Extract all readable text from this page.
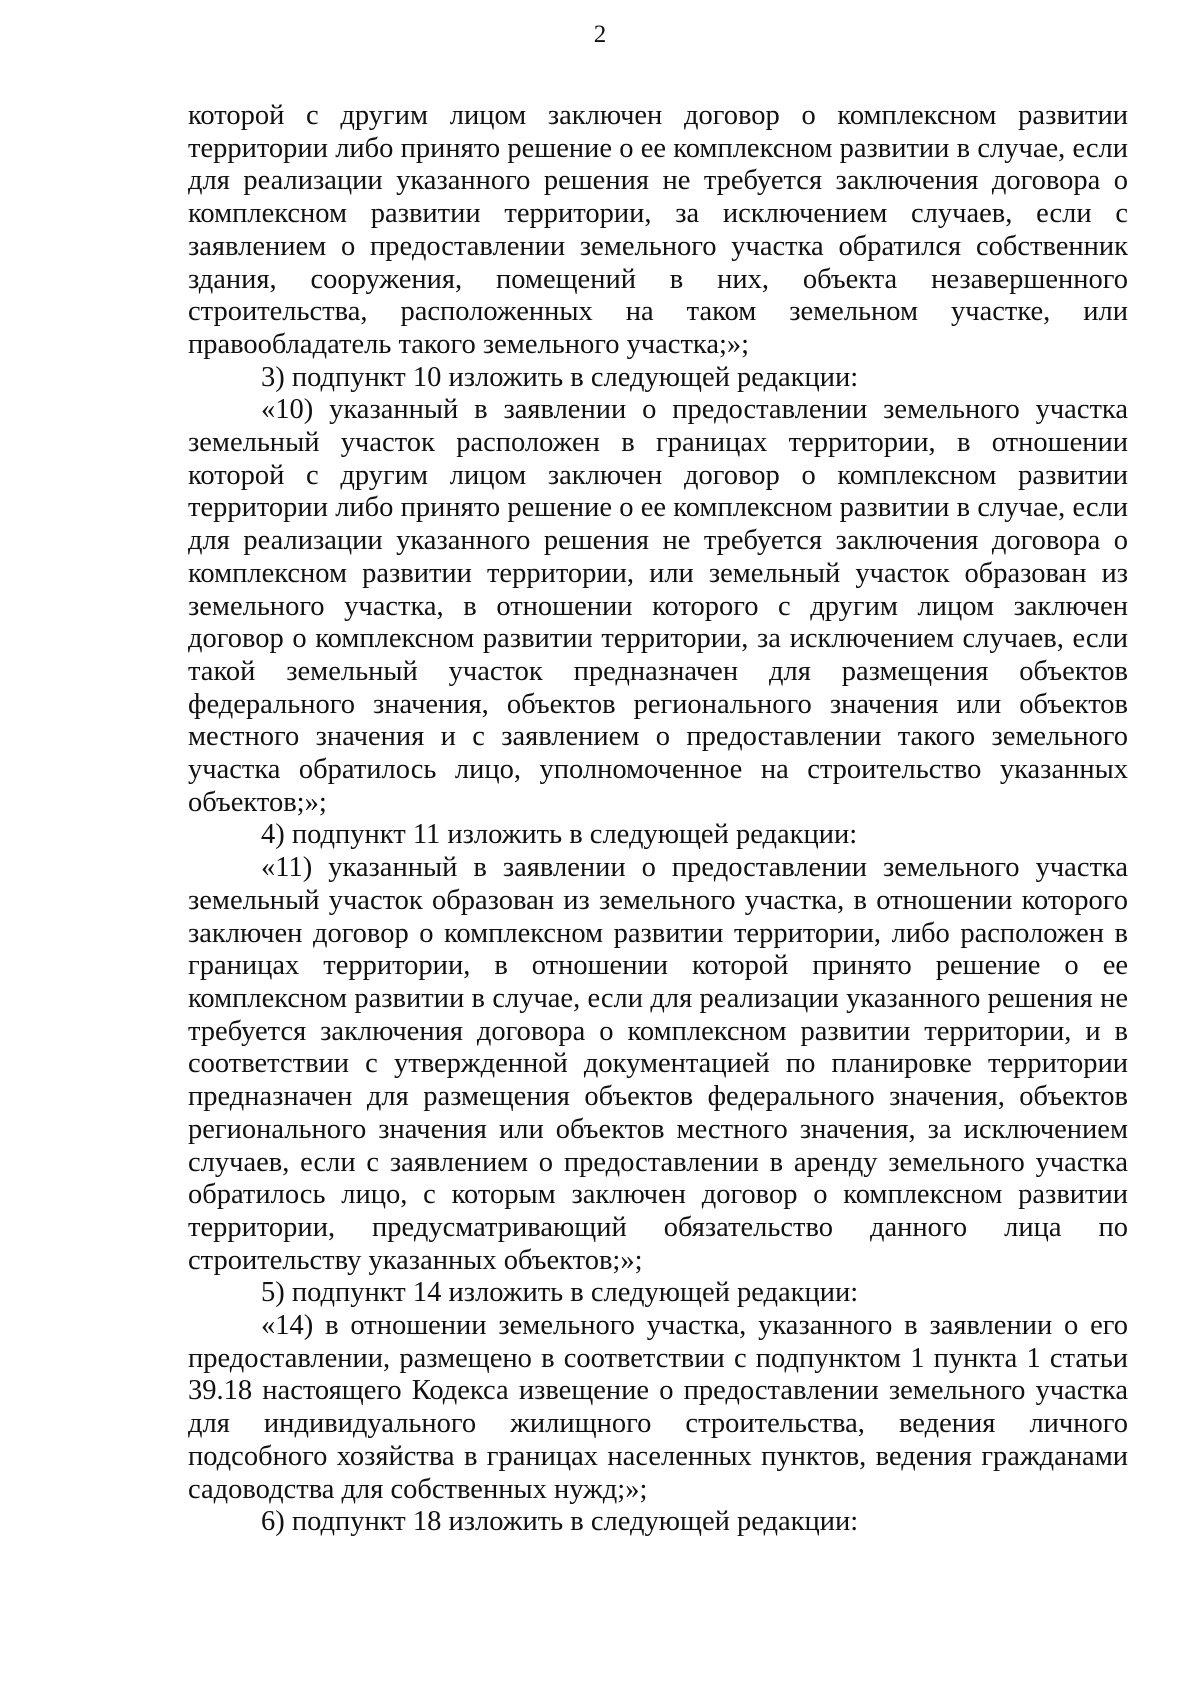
2

которой с другим лицом заключен договор о комплексном развитии территории либо принято решение о ее комплексном развитии в случае, если для реализации указанного решения не требуется заключения договора о комплексном развитии территории, за исключением случаев, если с заявлением о предоставлении земельного участка обратился собственник здания, сооружения, помещений в них, объекта незавершенного строительства, расположенных на таком земельном участке, или правообладатель такого земельного участка;»;

3) подпункт 10 изложить в следующей редакции:

«10) указанный в заявлении о предоставлении земельного участка земельный участок расположен в границах территории, в отношении которой с другим лицом заключен договор о комплексном развитии территории либо принято решение о ее комплексном развитии в случае, если для реализации указанного решения не требуется заключения договора о комплексном развитии территории, или земельный участок образован из земельного участка, в отношении которого с другим лицом заключен договор о комплексном развитии территории, за исключением случаев, если такой земельный участок предназначен для размещения объектов федерального значения, объектов регионального значения или объектов местного значения и с заявлением о предоставлении такого земельного участка обратилось лицо, уполномоченное на строительство указанных объектов;»;

4) подпункт 11 изложить в следующей редакции:

«11) указанный в заявлении о предоставлении земельного участка земельный участок образован из земельного участка, в отношении которого заключен договор о комплексном развитии территории, либо расположен в границах территории, в отношении которой принято решение о ее комплексном развитии в случае, если для реализации указанного решения не требуется заключения договора о комплексном развитии территории, и в соответствии с утвержденной документацией по планировке территории предназначен для размещения объектов федерального значения, объектов регионального значения или объектов местного значения, за исключением случаев, если с заявлением о предоставлении в аренду земельного участка обратилось лицо, с которым заключен договор о комплексном развитии территории, предусматривающий обязательство данного лица по строительству указанных объектов;»;

5) подпункт 14 изложить в следующей редакции:

«14) в отношении земельного участка, указанного в заявлении о его предоставлении, размещено в соответствии с подпунктом 1 пункта 1 статьи 39.18 настоящего Кодекса извещение о предоставлении земельного участка для индивидуального жилищного строительства, ведения личного подсобного хозяйства в границах населенных пунктов, ведения гражданами садоводства для собственных нужд;»;

6) подпункт 18 изложить в следующей редакции:
